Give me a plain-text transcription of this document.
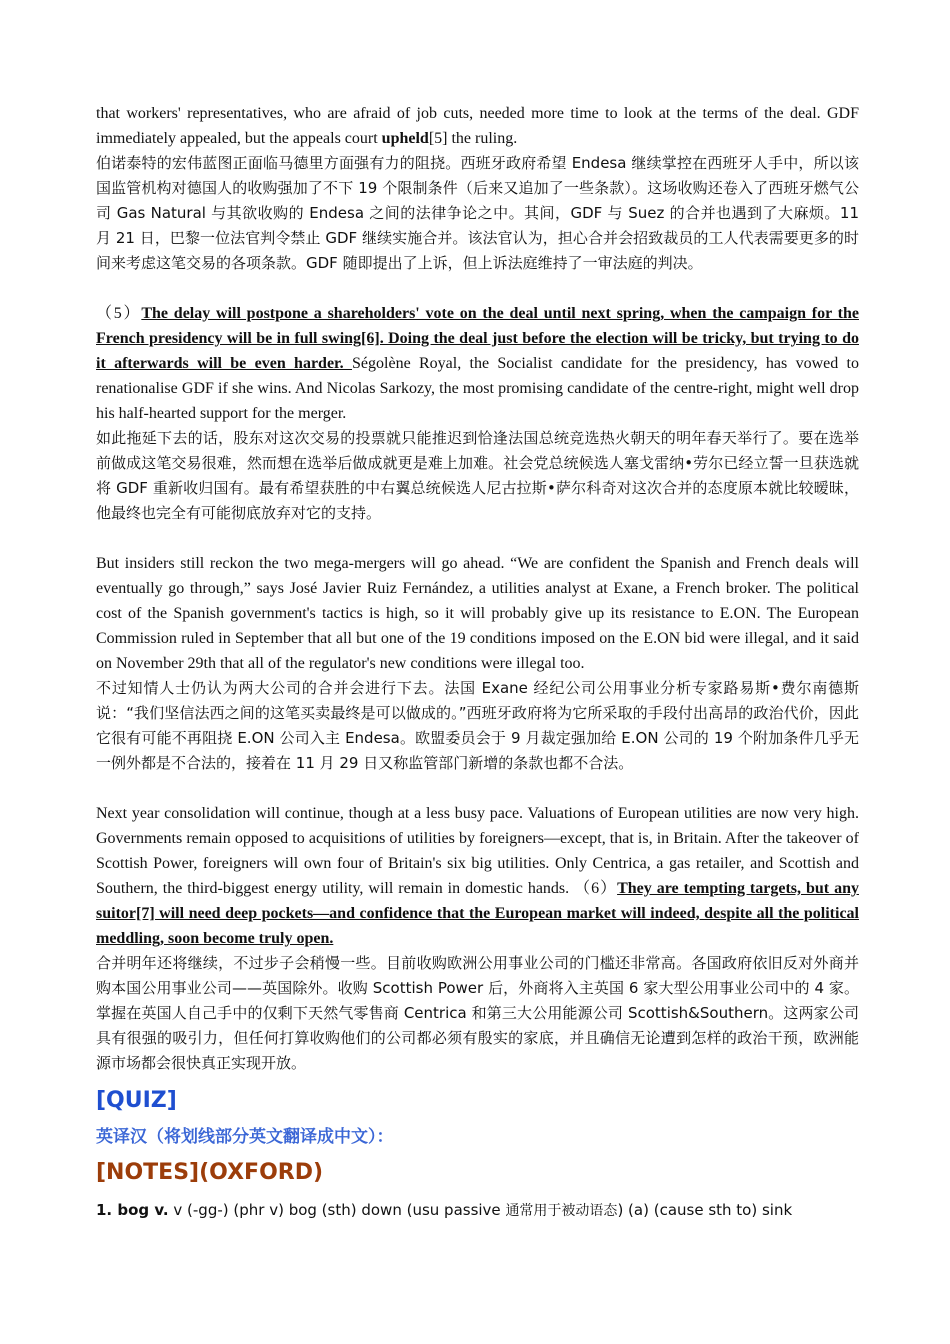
that workers' representatives, who are afraid of job cuts, needed more time to look at the terms of the deal. GDF immediately appealed, but the appeals court upheld[5] the ruling.

伯诺泰特的宏伟蓝图正面临马德里方面强有力的阻挠。西班牙政府希望 Endesa 继续掌控在西班牙人手中，所以该国监管机构对德国人的收购强加了不下 19 个限制条件（后来又追加了一些条款）。这场收购还卷入了西班牙燃气公司 Gas Natural 与其欲收购的 Endesa 之间的法律争论之中。其间，GDF 与 Suez 的合并也遇到了大麻烦。11 月 21 日，巴黎一位法官判令禁止 GDF 继续实施合并。该法官认为，担心合并会招致裁员的工人代表需要更多的时间来考虑这笔交易的各项条款。GDF 随即提出了上诉，但上诉法庭维持了一审法庭的判决。

（5）The delay will postpone a shareholders' vote on the deal until next spring, when the campaign for the French presidency will be in full swing[6]. Doing the deal just before the election will be tricky, but trying to do it afterwards will be even harder. Ségolène Royal, the Socialist candidate for the presidency, has vowed to renationalise GDF if she wins. And Nicolas Sarkozy, the most promising candidate of the centre-right, might well drop his half-hearted support for the merger.

如此拖延下去的话，股东对这次交易的投票就只能推迟到恰逢法国总统竞选热火朝天的明年春天举行了。要在选举前做成这笔交易很难，然而想在选举后做成就更是难上加难。社会党总统候选人塞戈雷纳•劳尔已经立誓一旦获选就将 GDF 重新收归国有。最有希望获胜的中右翼总统候选人尼古拉斯•萨尔科奇对这次合并的态度原本就比较暧昧，他最终也完全有可能彻底放弃对它的支持。

But insiders still reckon the two mega-mergers will go ahead. “We are confident the Spanish and French deals will eventually go through,” says José Javier Ruiz Fernández, a utilities analyst at Exane, a French broker. The political cost of the Spanish government's tactics is high, so it will probably give up its resistance to E.ON. The European Commission ruled in September that all but one of the 19 conditions imposed on the E.ON bid were illegal, and it said on November 29th that all of the regulator's new conditions were illegal too.

不过知情人士仍认为两大公司的合并会进行下去。法国 Exane 经纪公司公用事业分析专家路易斯•费尔南德斯说：“我们坚信法西之间的这笔买卖最终是可以做成的。”西班牙政府将为它所采取的手段付出高昂的政治代价，因此它很有可能不再阻挠 E.ON 公司入主 Endesa。欧盟委员会于 9 月裁定强加给 E.ON 公司的 19 个附加条件几乎无一例外都是不合法的，接着在 11 月 29 日又称监管部门新增的条款也都不合法。

Next year consolidation will continue, though at a less busy pace. Valuations of European utilities are now very high. Governments remain opposed to acquisitions of utilities by foreigners—except, that is, in Britain. After the takeover of Scottish Power, foreigners will own four of Britain's six big utilities. Only Centrica, a gas retailer, and Scottish and Southern, the third-biggest energy utility, will remain in domestic hands. （6）They are tempting targets, but any suitor[7] will need deep pockets—and confidence that the European market will indeed, despite all the political meddling, soon become truly open.

合并明年还将继续，不过步子会稍慢一些。目前收购欧洲公用事业公司的门槛还非常高。各国政府依旧反对外商并购本国公用事业公司——英国除外。收购 Scottish Power 后，外商将入主英国 6 家大型公用事业公司中的 4 家。掌握在英国人自己手中的仅剩下天然气零售商 Centrica 和第三大公用能源公司 Scottish&Southern。这两家公司具有很强的吸引力，但任何打算收购他们的公司都必须有殷实的家底，并且确信无论遭到怎样的政治干预，欧洲能源市场都会很快真正实现开放。

[QUIZ]
英译汉（将划线部分英文翻译成中文）：
[NOTES](OXFORD)

1. bog v. v (-gg-) (phr v) bog (sth) down (usu passive 通常用于被动语态) (a) (cause sth to) sink
